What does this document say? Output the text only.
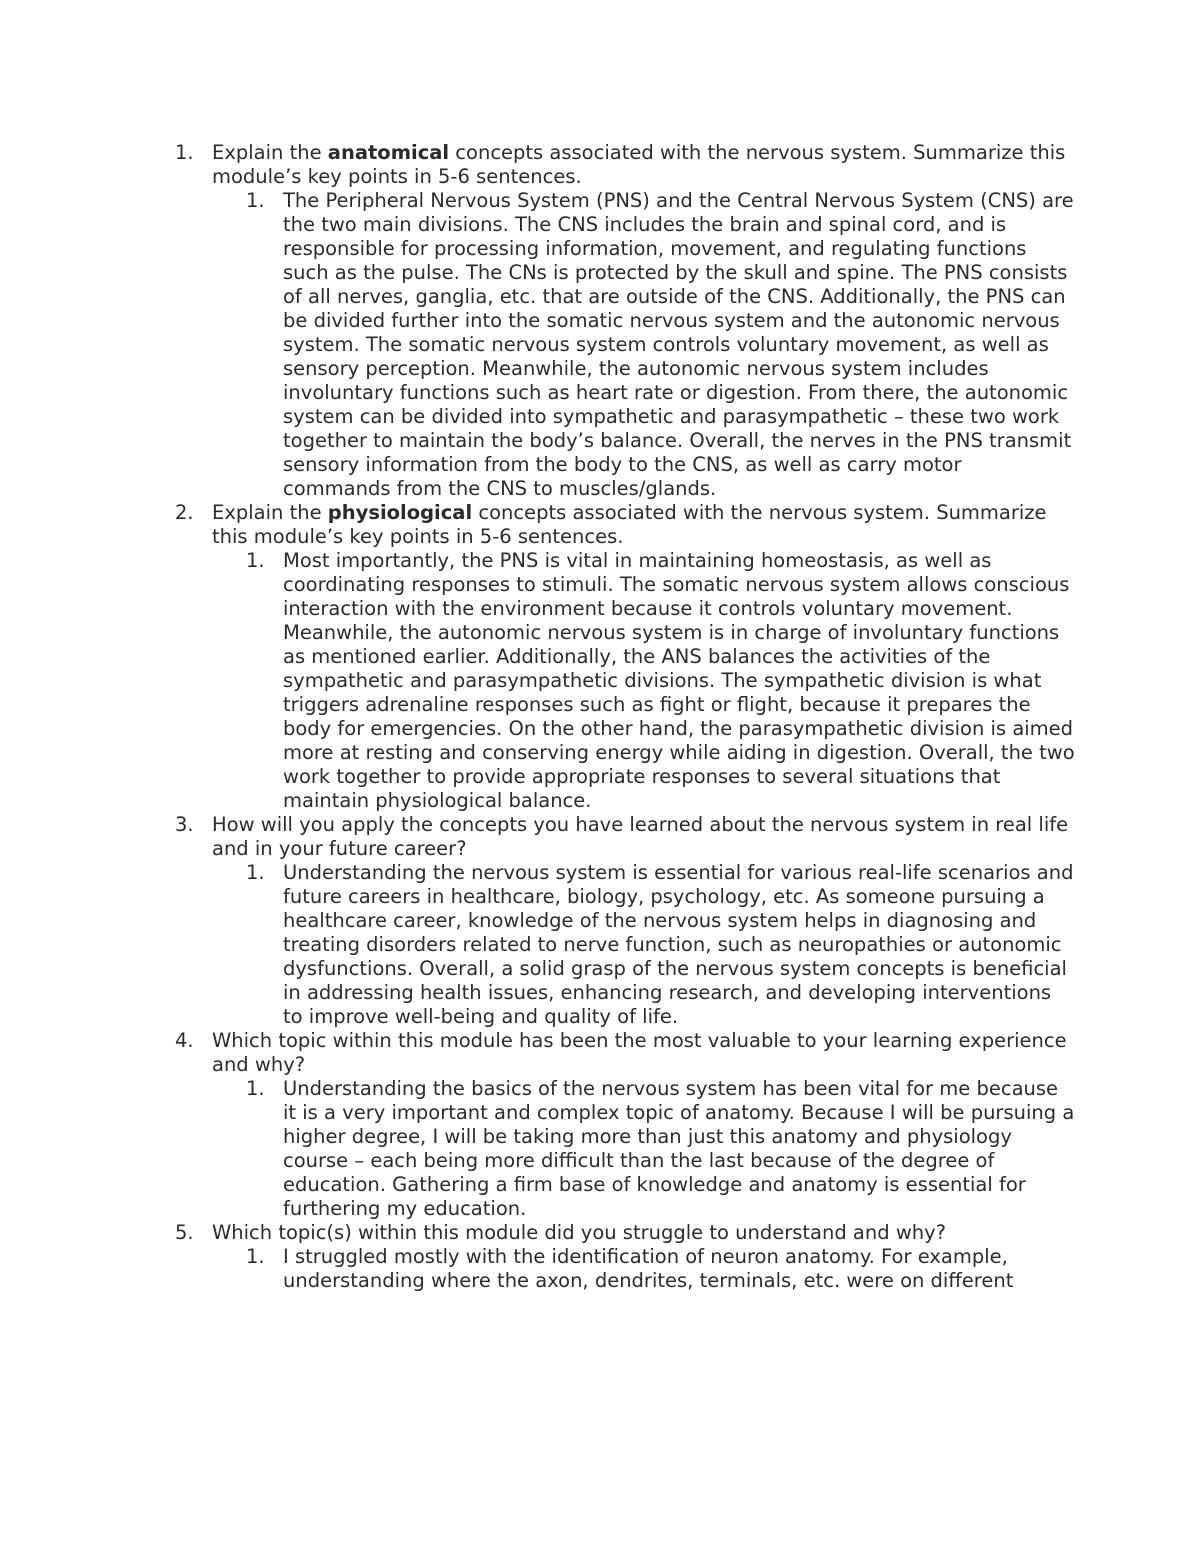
1. Explain the anatomical concepts associated with the nervous system. Summarize this module’s key points in 5-6 sentences.
1. The Peripheral Nervous System (PNS) and the Central Nervous System (CNS) are the two main divisions. The CNS includes the brain and spinal cord, and is responsible for processing information, movement, and regulating functions such as the pulse. The CNs is protected by the skull and spine. The PNS consists of all nerves, ganglia, etc. that are outside of the CNS. Additionally, the PNS can be divided further into the somatic nervous system and the autonomic nervous system. The somatic nervous system controls voluntary movement, as well as sensory perception. Meanwhile, the autonomic nervous system includes involuntary functions such as heart rate or digestion. From there, the autonomic system can be divided into sympathetic and parasympathetic – these two work together to maintain the body’s balance. Overall, the nerves in the PNS transmit sensory information from the body to the CNS, as well as carry motor commands from the CNS to muscles/glands.
2. Explain the physiological concepts associated with the nervous system. Summarize this module’s key points in 5-6 sentences.
1. Most importantly, the PNS is vital in maintaining homeostasis, as well as coordinating responses to stimuli. The somatic nervous system allows conscious interaction with the environment because it controls voluntary movement. Meanwhile, the autonomic nervous system is in charge of involuntary functions as mentioned earlier. Additionally, the ANS balances the activities of the sympathetic and parasympathetic divisions. The sympathetic division is what triggers adrenaline responses such as fight or flight, because it prepares the body for emergencies. On the other hand, the parasympathetic division is aimed more at resting and conserving energy while aiding in digestion. Overall, the two work together to provide appropriate responses to several situations that maintain physiological balance.
3. How will you apply the concepts you have learned about the nervous system in real life and in your future career?
1. Understanding the nervous system is essential for various real-life scenarios and future careers in healthcare, biology, psychology, etc. As someone pursuing a healthcare career, knowledge of the nervous system helps in diagnosing and treating disorders related to nerve function, such as neuropathies or autonomic dysfunctions. Overall, a solid grasp of the nervous system concepts is beneficial in addressing health issues, enhancing research, and developing interventions to improve well-being and quality of life.
4. Which topic within this module has been the most valuable to your learning experience and why?
1. Understanding the basics of the nervous system has been vital for me because it is a very important and complex topic of anatomy. Because I will be pursuing a higher degree, I will be taking more than just this anatomy and physiology course – each being more difficult than the last because of the degree of education. Gathering a firm base of knowledge and anatomy is essential for furthering my education.
5. Which topic(s) within this module did you struggle to understand and why?
1. I struggled mostly with the identification of neuron anatomy. For example, understanding where the axon, dendrites, terminals, etc. were on different
